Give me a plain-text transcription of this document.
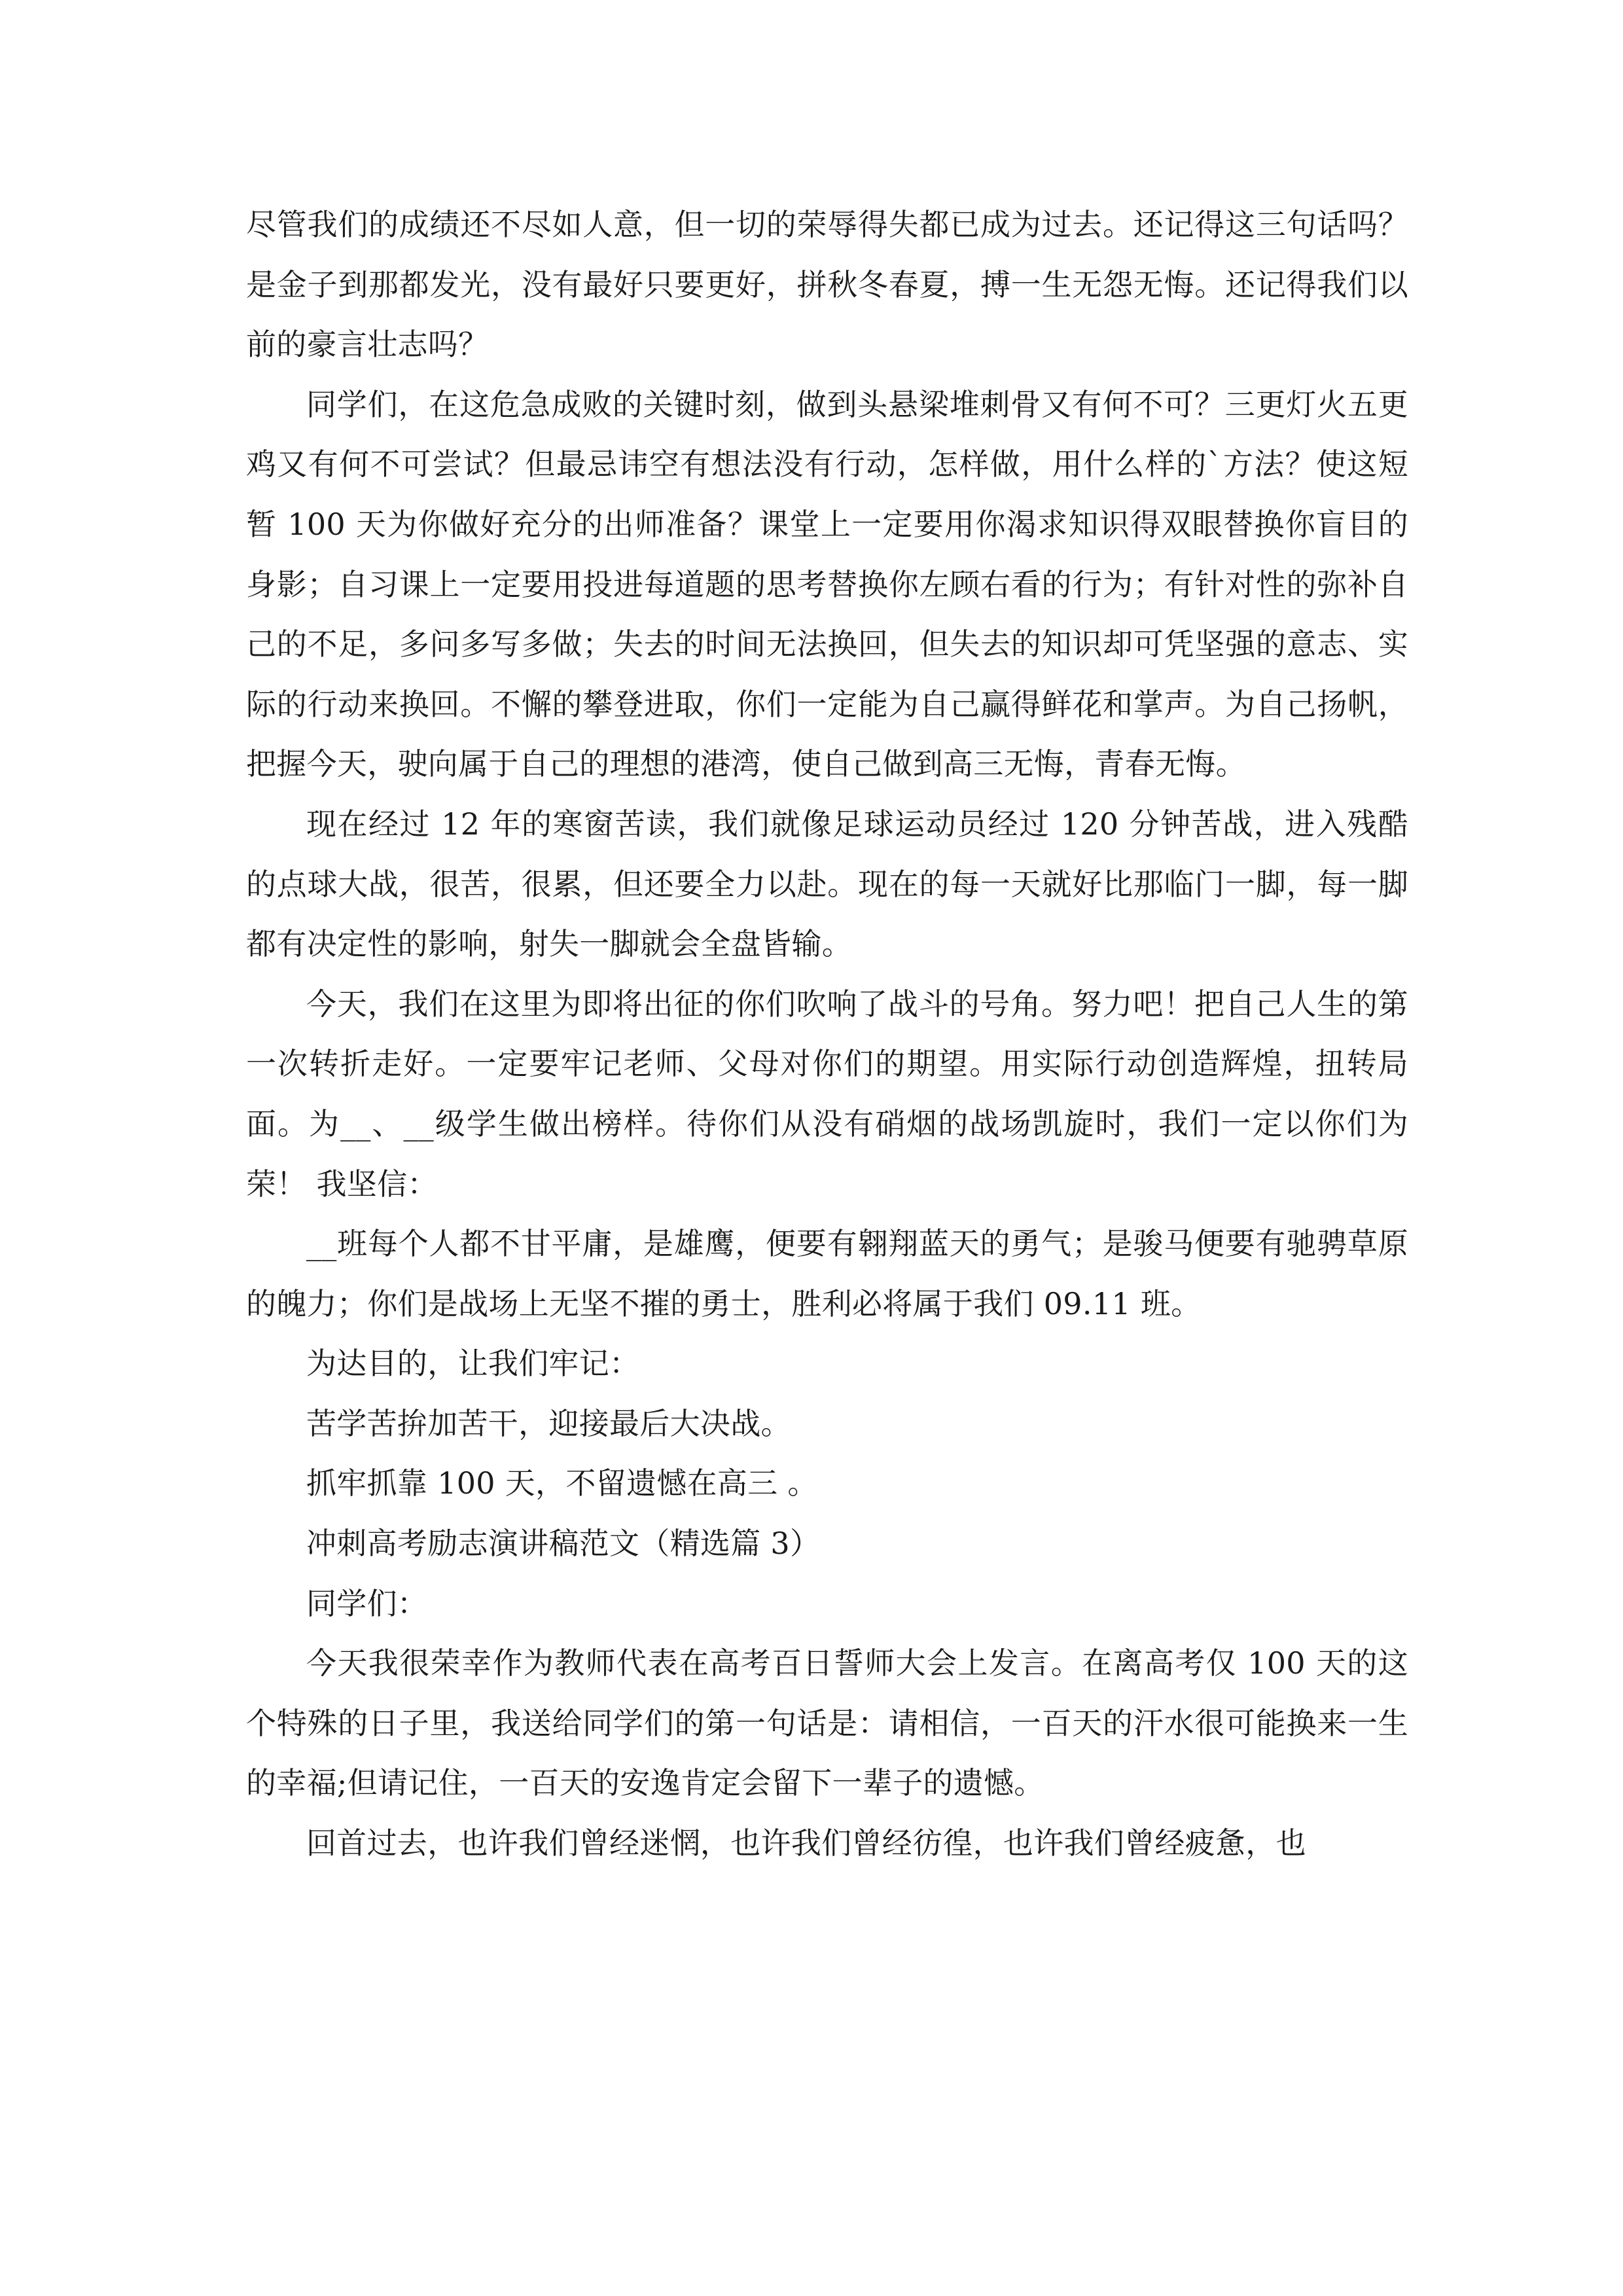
尽管我们的成绩还不尽如人意，但一切的荣辱得失都已成为过去。还记得这三句话吗？是金子到那都发光，没有最好只要更好，拼秋冬春夏，搏一生无怨无悔。还记得我们以前的豪言壮志吗？

同学们，在这危急成败的关键时刻，做到头悬梁堆刺骨又有何不可？三更灯火五更鸡又有何不可尝试？但最忌讳空有想法没有行动，怎样做，用什么样的`方法？使这短暂 100 天为你做好充分的出师准备？课堂上一定要用你渴求知识得双眼替换你盲目的身影；自习课上一定要用投进每道题的思考替换你左顾右看的行为；有针对性的弥补自己的不足，多问多写多做；失去的时间无法换回，但失去的知识却可凭坚强的意志、实际的行动来换回。不懈的攀登进取，你们一定能为自己赢得鲜花和掌声。为自己扬帆，把握今天，驶向属于自己的理想的港湾，使自己做到高三无悔，青春无悔。

现在经过 12 年的寒窗苦读，我们就像足球运动员经过 120 分钟苦战，进入残酷的点球大战，很苦，很累，但还要全力以赴。现在的每一天就好比那临门一脚，每一脚都有决定性的影响，射失一脚就会全盘皆输。

今天，我们在这里为即将出征的你们吹响了战斗的号角。努力吧！把自己人生的第一次转折走好。一定要牢记老师、父母对你们的期望。用实际行动创造辉煌，扭转局面。为__、__级学生做出榜样。待你们从没有硝烟的战场凯旋时，我们一定以你们为荣！ 我坚信：

__班每个人都不甘平庸，是雄鹰，便要有翱翔蓝天的勇气；是骏马便要有驰骋草原的魄力；你们是战场上无坚不摧的勇士，胜利必将属于我们 09.11 班。

为达目的，让我们牢记：

苦学苦拚加苦干，迎接最后大决战。

抓牢抓靠 100 天，不留遗憾在高三 。

冲刺高考励志演讲稿范文（精选篇 3）

同学们：

今天我很荣幸作为教师代表在高考百日誓师大会上发言。在离高考仅 100 天的这个特殊的日子里，我送给同学们的第一句话是：请相信，一百天的汗水很可能换来一生的幸福;但请记住，一百天的安逸肯定会留下一辈子的遗憾。

回首过去，也许我们曾经迷惘，也许我们曾经彷徨，也许我们曾经疲惫，也
